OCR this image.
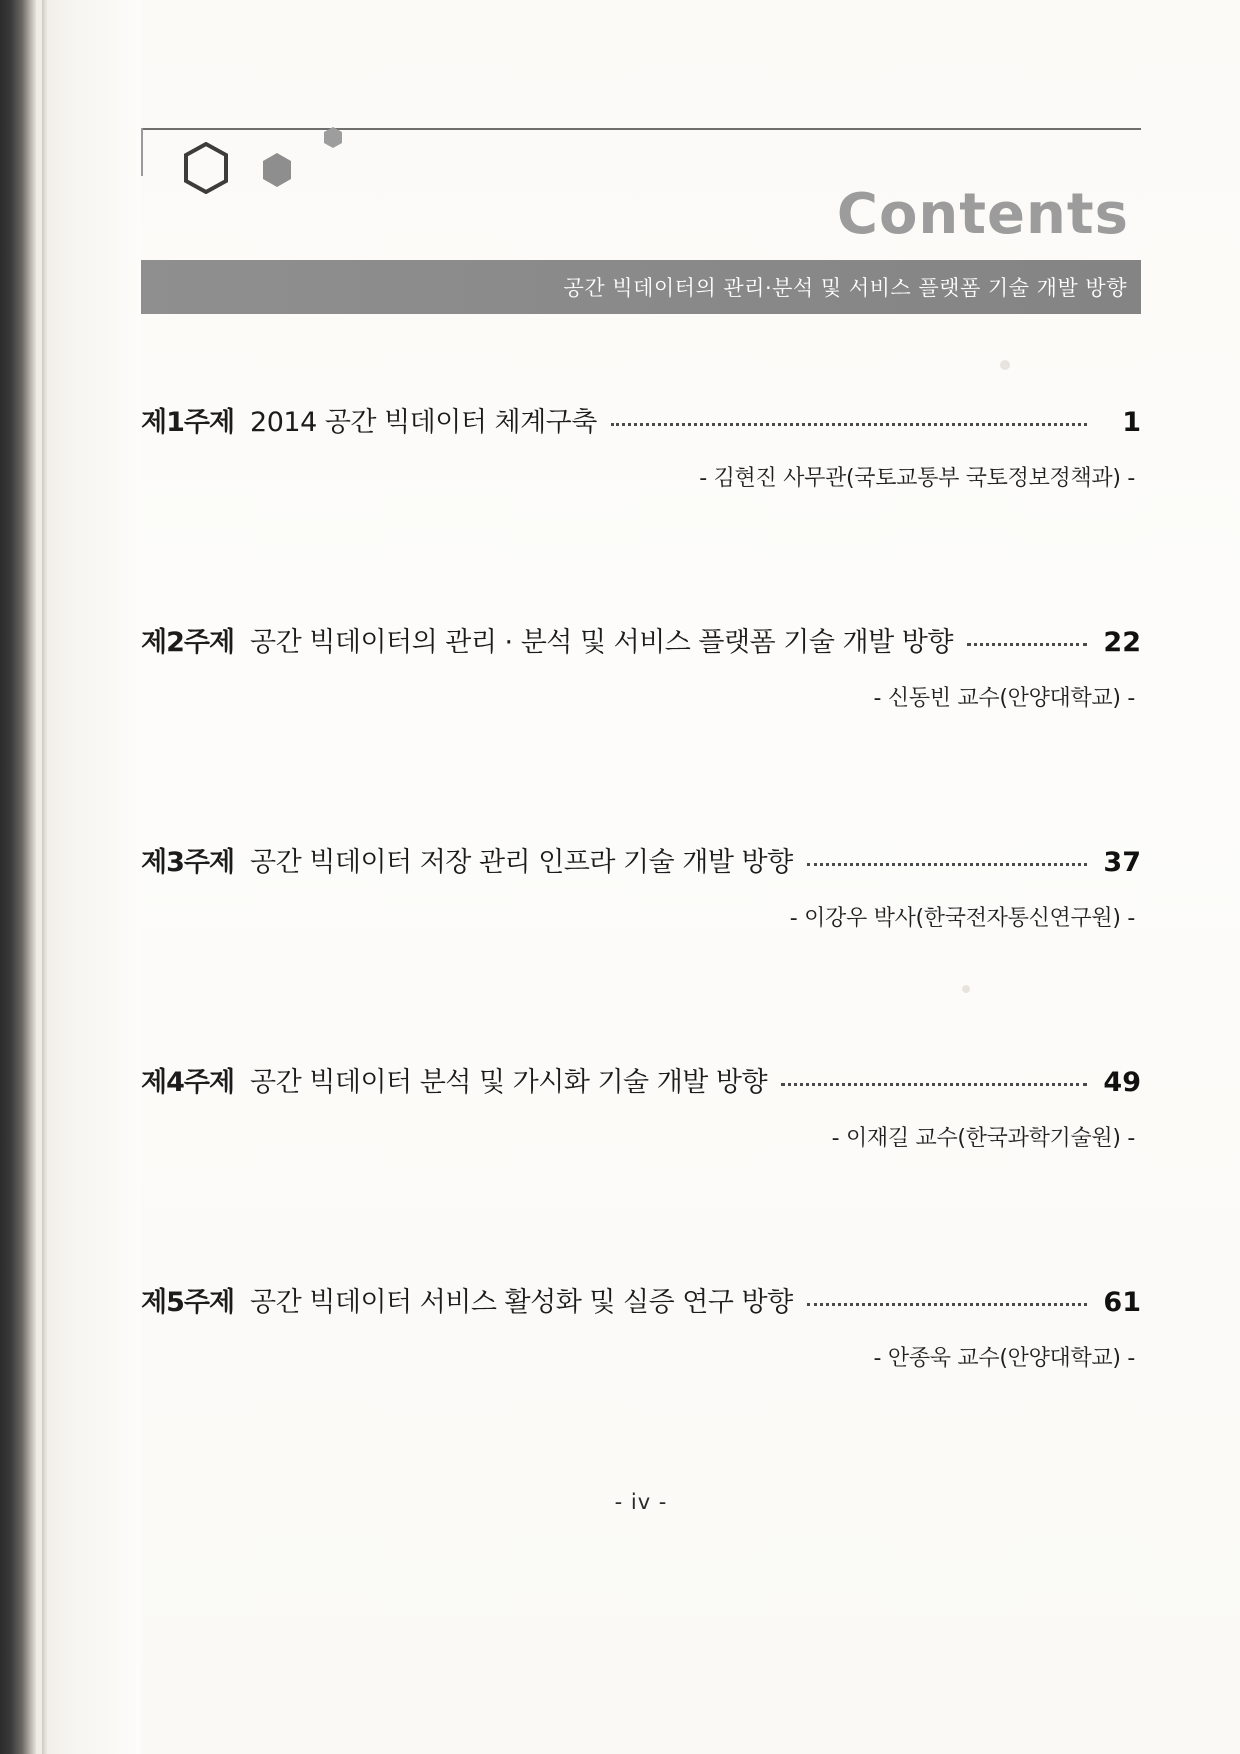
Contents
공간 빅데이터의 관리·분석 및 서비스 플랫폼 기술 개발 방향
제1주제 2014 공간 빅데이터 체계구축	1
- 김현진 사무관(국토교통부 국토정보정책과) -
제2주제 공간 빅데이터의 관리 · 분석 및 서비스 플랫폼 기술 개발 방향	22
- 신동빈 교수(안양대학교) -
제3주제 공간 빅데이터 저장 관리 인프라 기술 개발 방향	37
- 이강우 박사(한국전자통신연구원) -
제4주제 공간 빅데이터 분석 및 가시화 기술 개발 방향	49
- 이재길 교수(한국과학기술원) -
제5주제 공간 빅데이터 서비스 활성화 및 실증 연구 방향	61
- 안종욱 교수(안양대학교) -
- iv -
